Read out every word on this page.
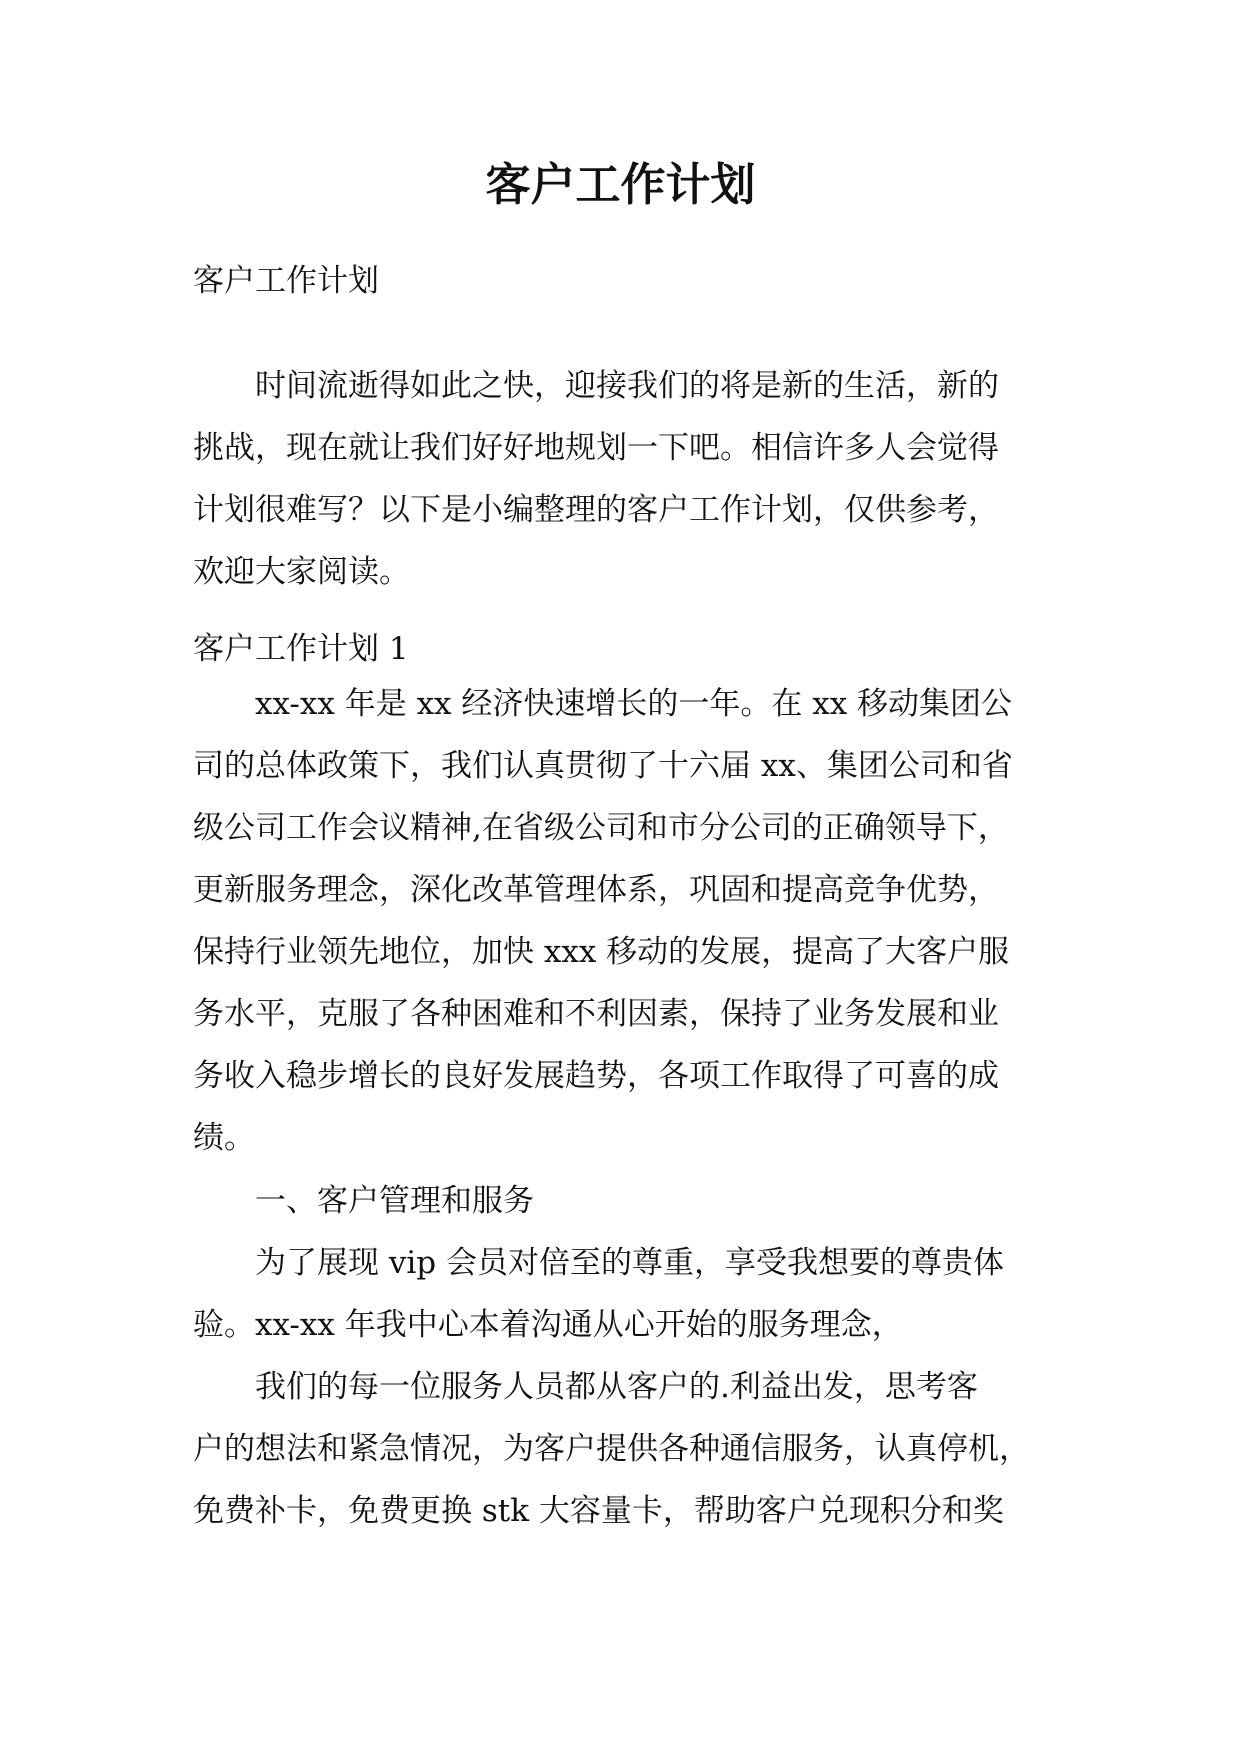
客户工作计划
客户工作计划
时间流逝得如此之快，迎接我们的将是新的生活，新的
挑战，现在就让我们好好地规划一下吧。相信许多人会觉得
计划很难写？以下是小编整理的客户工作计划，仅供参考，
欢迎大家阅读。
客户工作计划 1
xx-xx 年是 xx 经济快速增长的一年。在 xx 移动集团公
司的总体政策下，我们认真贯彻了十六届 xx、集团公司和省
级公司工作会议精神,在省级公司和市分公司的正确领导下，
更新服务理念，深化改革管理体系，巩固和提高竞争优势，
保持行业领先地位，加快 xxx 移动的发展，提高了大客户服
务水平，克服了各种困难和不利因素，保持了业务发展和业
务收入稳步增长的良好发展趋势，各项工作取得了可喜的成
绩。
一、客户管理和服务
为了展现 vip 会员对倍至的尊重，享受我想要的尊贵体
验。xx-xx 年我中心本着沟通从心开始的服务理念，
我们的每一位服务人员都从客户的.利益出发，思考客
户的想法和紧急情况，为客户提供各种通信服务，认真停机，
免费补卡，免费更换 stk 大容量卡，帮助客户兑现积分和奖
